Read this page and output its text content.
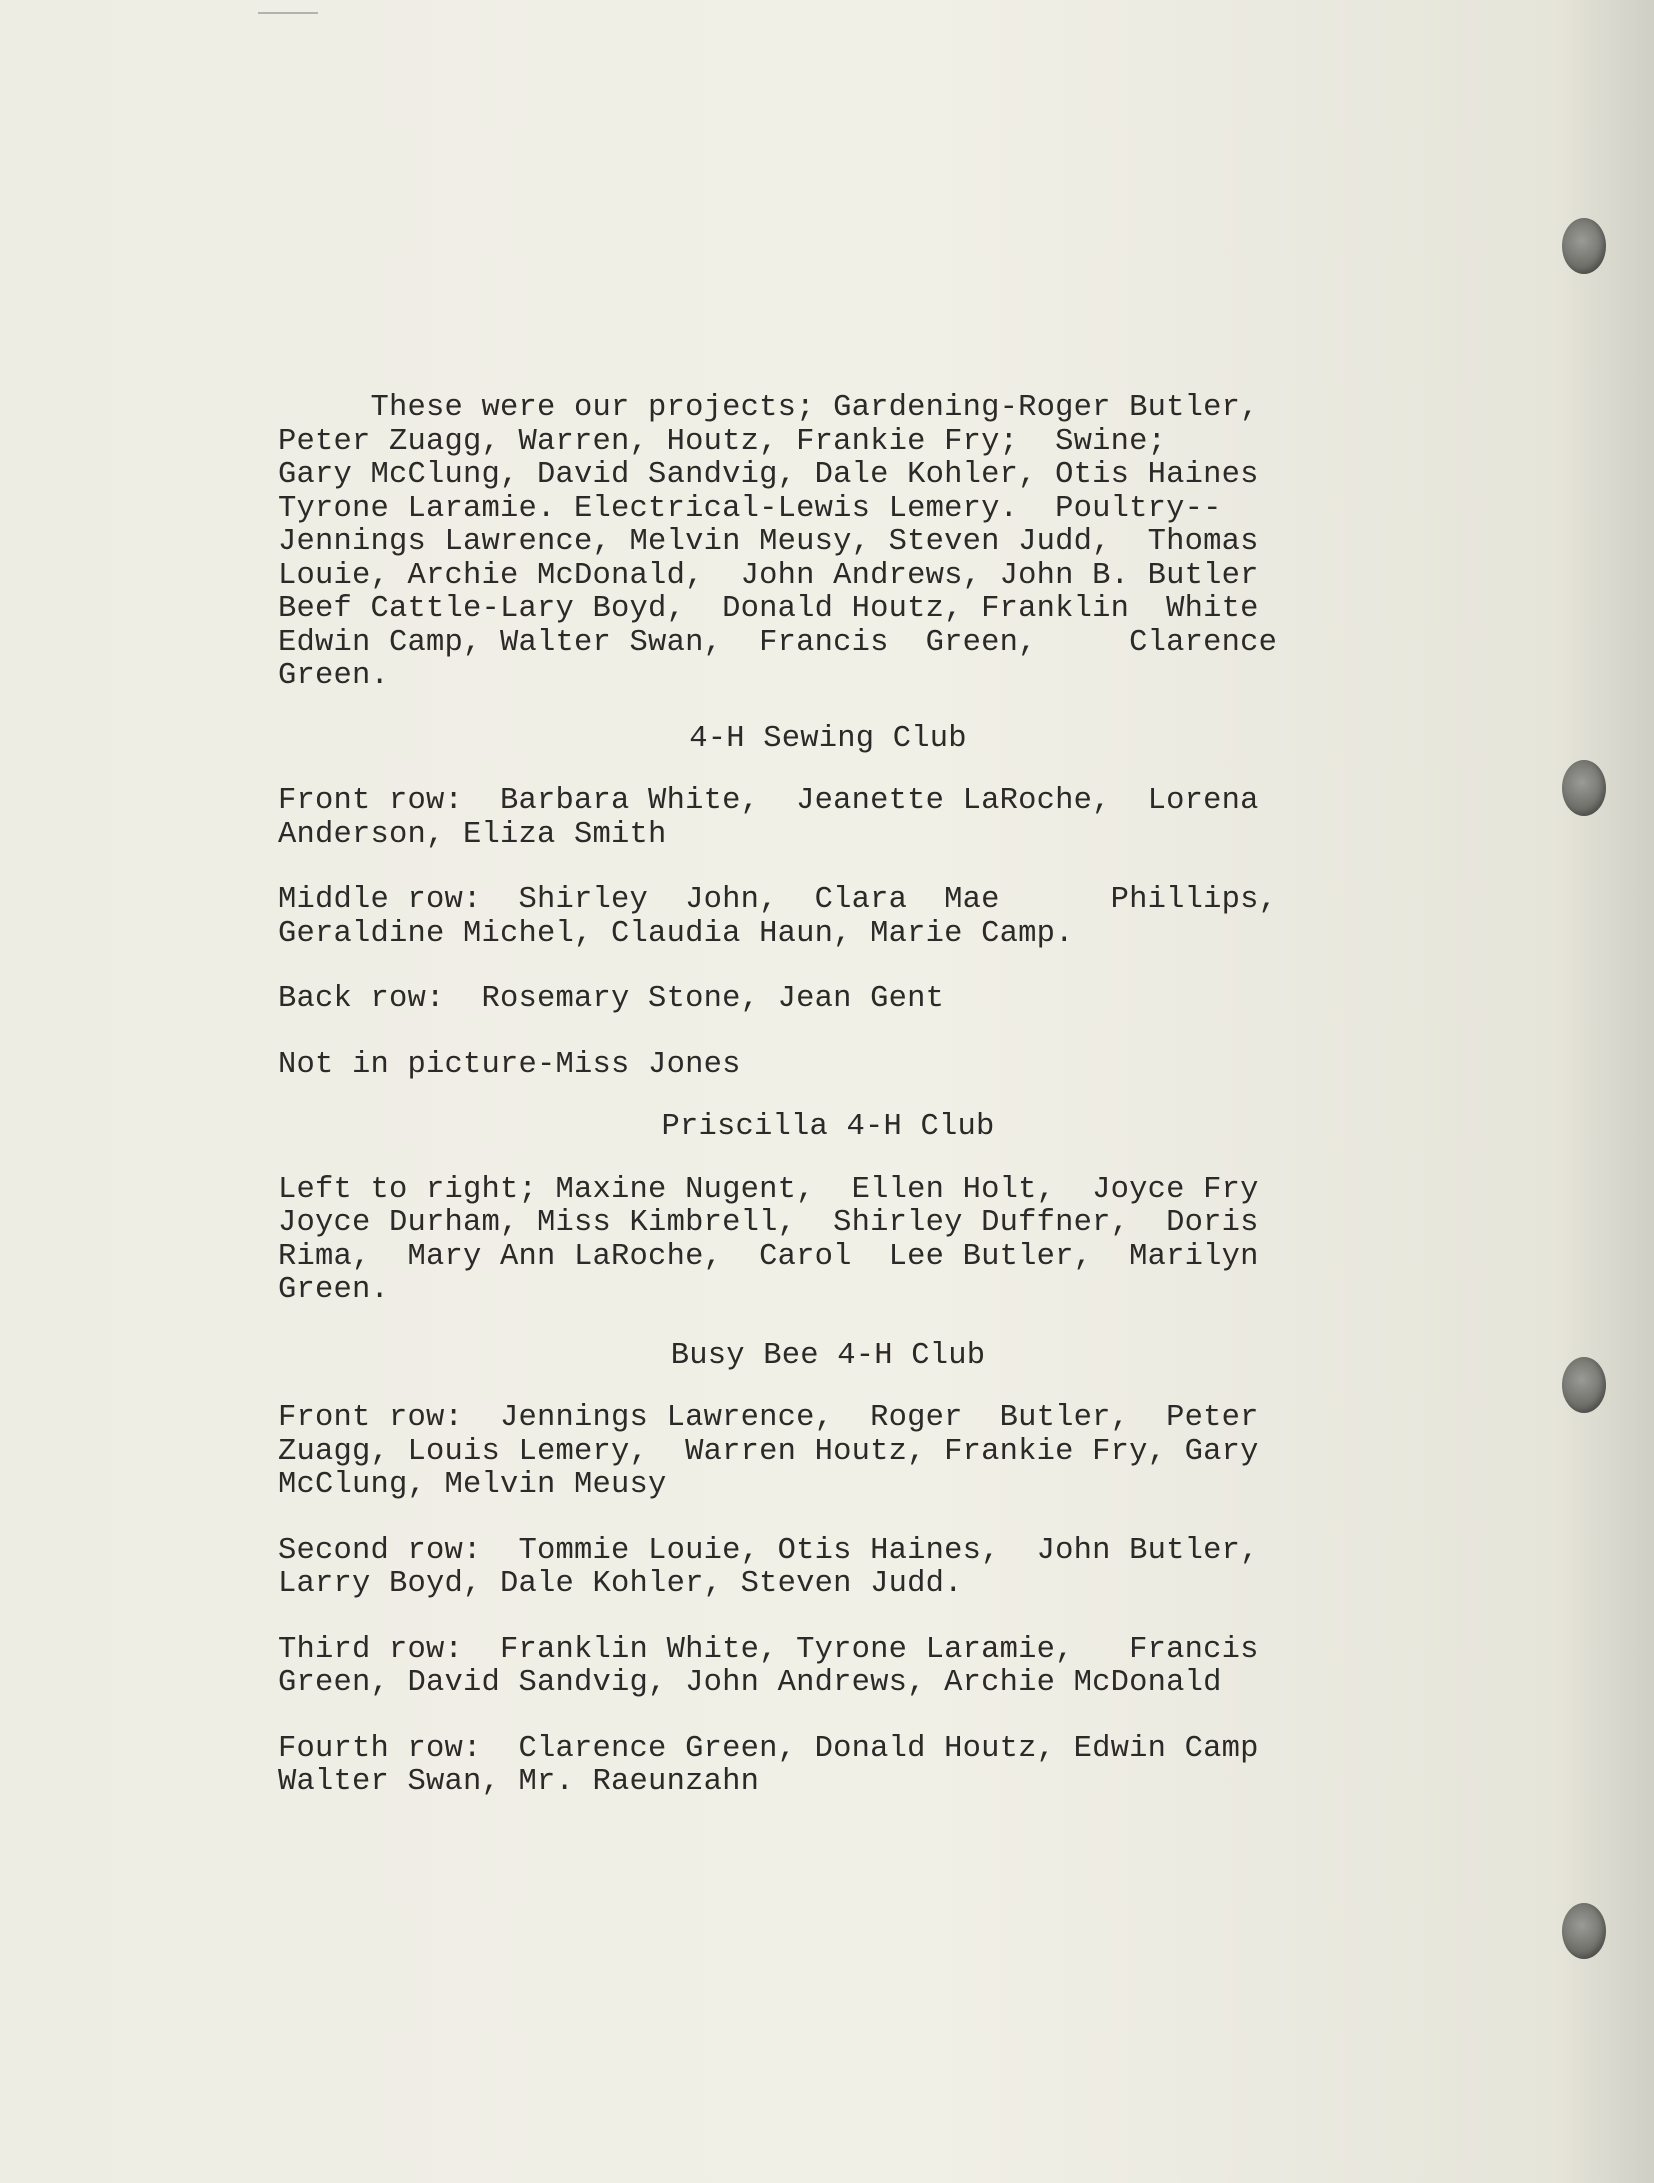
These were our projects; Gardening-Roger Butler,
Peter Zuagg, Warren, Houtz, Frankie Fry;  Swine;
Gary McClung, David Sandvig, Dale Kohler, Otis Haines
Tyrone Laramie. Electrical-Lewis Lemery.  Poultry--
Jennings Lawrence, Melvin Meusy, Steven Judd,  Thomas
Louie, Archie McDonald,  John Andrews, John B. Butler
Beef Cattle-Lary Boyd,  Donald Houtz, Franklin  White
Edwin Camp, Walter Swan,  Francis  Green,     Clarence
Green.
4-H Sewing Club
Front row:  Barbara White,  Jeanette LaRoche,  Lorena
Anderson, Eliza Smith
Middle row:  Shirley  John,  Clara  Mae      Phillips,
Geraldine Michel, Claudia Haun, Marie Camp.
Back row:  Rosemary Stone, Jean Gent
Not in picture-Miss Jones
Priscilla 4-H Club
Left to right; Maxine Nugent,  Ellen Holt,  Joyce Fry
Joyce Durham, Miss Kimbrell,  Shirley Duffner,  Doris
Rima,  Mary Ann LaRoche,  Carol  Lee Butler,  Marilyn
Green.
Busy Bee 4-H Club
Front row:  Jennings Lawrence,  Roger  Butler,  Peter
Zuagg, Louis Lemery,  Warren Houtz, Frankie Fry, Gary
McClung, Melvin Meusy
Second row:  Tommie Louie, Otis Haines,  John Butler,
Larry Boyd, Dale Kohler, Steven Judd.
Third row:  Franklin White, Tyrone Laramie,   Francis
Green, David Sandvig, John Andrews, Archie McDonald
Fourth row:  Clarence Green, Donald Houtz, Edwin Camp
Walter Swan, Mr. Raeunzahn
